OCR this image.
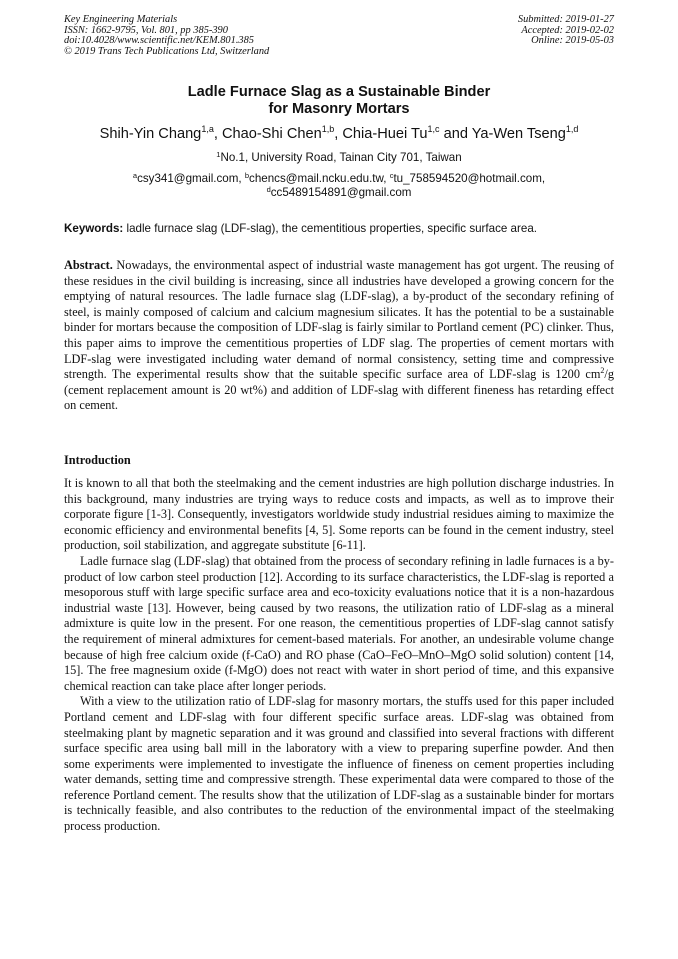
Key Engineering Materials
ISSN: 1662-9795, Vol. 801, pp 385-390
doi:10.4028/www.scientific.net/KEM.801.385
© 2019 Trans Tech Publications Ltd, Switzerland
Submitted: 2019-01-27
Accepted: 2019-02-02
Online: 2019-05-03
Ladle Furnace Slag as a Sustainable Binder
for Masonry Mortars
Shih-Yin Chang$^{1,a}$, Chao-Shi Chen$^{1,b}$, Chia-Huei Tu$^{1,c}$ and Ya-Wen Tseng$^{1,d}$
$^1$No.1, University Road, Tainan City 701, Taiwan
$^a$csy341@gmail.com, $^b$chencs@mail.ncku.edu.tw, $^c$tu_758594520@hotmail.com,
$^d$cc5489154891@gmail.com
Keywords: ladle furnace slag (LDF-slag), the cementitious properties, specific surface area.
Abstract. Nowadays, the environmental aspect of industrial waste management has got urgent. The reusing of these residues in the civil building is increasing, since all industries have developed a growing concern for the emptying of natural resources. The ladle furnace slag (LDF-slag), a by-product of the secondary refining of steel, is mainly composed of calcium and calcium magnesium silicates. It has the potential to be a sustainable binder for mortars because the composition of LDF-slag is fairly similar to Portland cement (PC) clinker. Thus, this paper aims to improve the cementitious properties of LDF slag. The properties of cement mortars with LDF-slag were investigated including water demand of normal consistency, setting time and compressive strength. The experimental results show that the suitable specific surface area of LDF-slag is 1200 $cm^2/g$ (cement replacement amount is 20 wt%) and addition of LDF-slag with different fineness has retarding effect on cement.
Introduction

It is known to all that both the steelmaking and the cement industries are high pollution discharge industries. In this background, many industries are trying ways to reduce costs and impacts, as well as to improve their corporate figure [1-3]. Consequently, investigators worldwide study industrial residues aiming to maximize the economic efficiency and environmental benefits [4, 5]. Some reports can be found in the cement industry, steel production, soil stabilization, and aggregate substitute [6-11].

Ladle furnace slag (LDF-slag) that obtained from the process of secondary refining in ladle furnaces is a by-product of low carbon steel production [12]. According to its surface characteristics, the LDF-slag is reported a mesoporous stuff with large specific surface area and eco-toxicity evaluations notice that it is a non-hazardous industrial waste [13]. However, being caused by two reasons, the utilization ratio of LDF-slag as a mineral admixture is quite low in the present. For one reason, the cementitious properties of LDF-slag cannot satisfy the requirement of mineral admixtures for cement-based materials. For another, an undesirable volume change because of high free calcium oxide (f-CaO) and RO phase (CaO–FeO–MnO–MgO solid solution) content [14, 15]. The free magnesium oxide (f-MgO) does not react with water in short period of time, and this expansive chemical reaction can take place after longer periods.

With a view to the utilization ratio of LDF-slag for masonry mortars, the stuffs used for this paper included Portland cement and LDF-slag with four different specific surface areas. LDF-slag was obtained from steelmaking plant by magnetic separation and it was ground and classified into several fractions with different surface specific area using ball mill in the laboratory with a view to preparing superfine powder. And then some experiments were implemented to investigate the influence of fineness on cement properties including water demands, setting time and compressive strength. These experimental data were compared to those of the reference Portland cement. The results show that the utilization of LDF-slag as a sustainable binder for mortars is technically feasible, and also contributes to the reduction of the environmental impact of the steelmaking process production.
